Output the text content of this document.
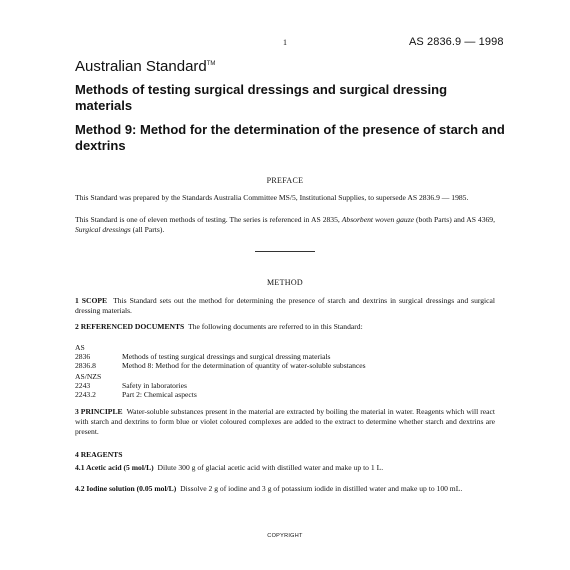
1	AS 2836.9 — 1998
Australian Standard™
Methods of testing surgical dressings and surgical dressing materials
Method 9: Method for the determination of the presence of starch and dextrins
PREFACE
This Standard was prepared by the Standards Australia Committee MS/5, Institutional Supplies, to supersede AS 2836.9 — 1985.
This Standard is one of eleven methods of testing. The series is referenced in AS 2835, Absorbent woven gauze (both Parts) and AS 4369, Surgical dressings (all Parts).
METHOD
1 SCOPE This Standard sets out the method for determining the presence of starch and dextrins in surgical dressings and surgical dressing materials.
2 REFERENCED DOCUMENTS The following documents are referred to in this Standard:
AS
2836	Methods of testing surgical dressings and surgical dressing materials
2836.8	Method 8: Method for the determination of quantity of water-soluble substances
AS/NZS
2243	Safety in laboratories
2243.2	Part 2: Chemical aspects
3 PRINCIPLE Water-soluble substances present in the material are extracted by boiling the material in water. Reagents which will react with starch and dextrins to form blue or violet coloured complexes are added to the extract to determine whether starch and dextrins are present.
4 REAGENTS
4.1 Acetic acid (5 mol/L) Dilute 300 g of glacial acetic acid with distilled water and make up to 1 L.
4.2 Iodine solution (0.05 mol/L) Dissolve 2 g of iodine and 3 g of potassium iodide in distilled water and make up to 100 mL.
COPYRIGHT
